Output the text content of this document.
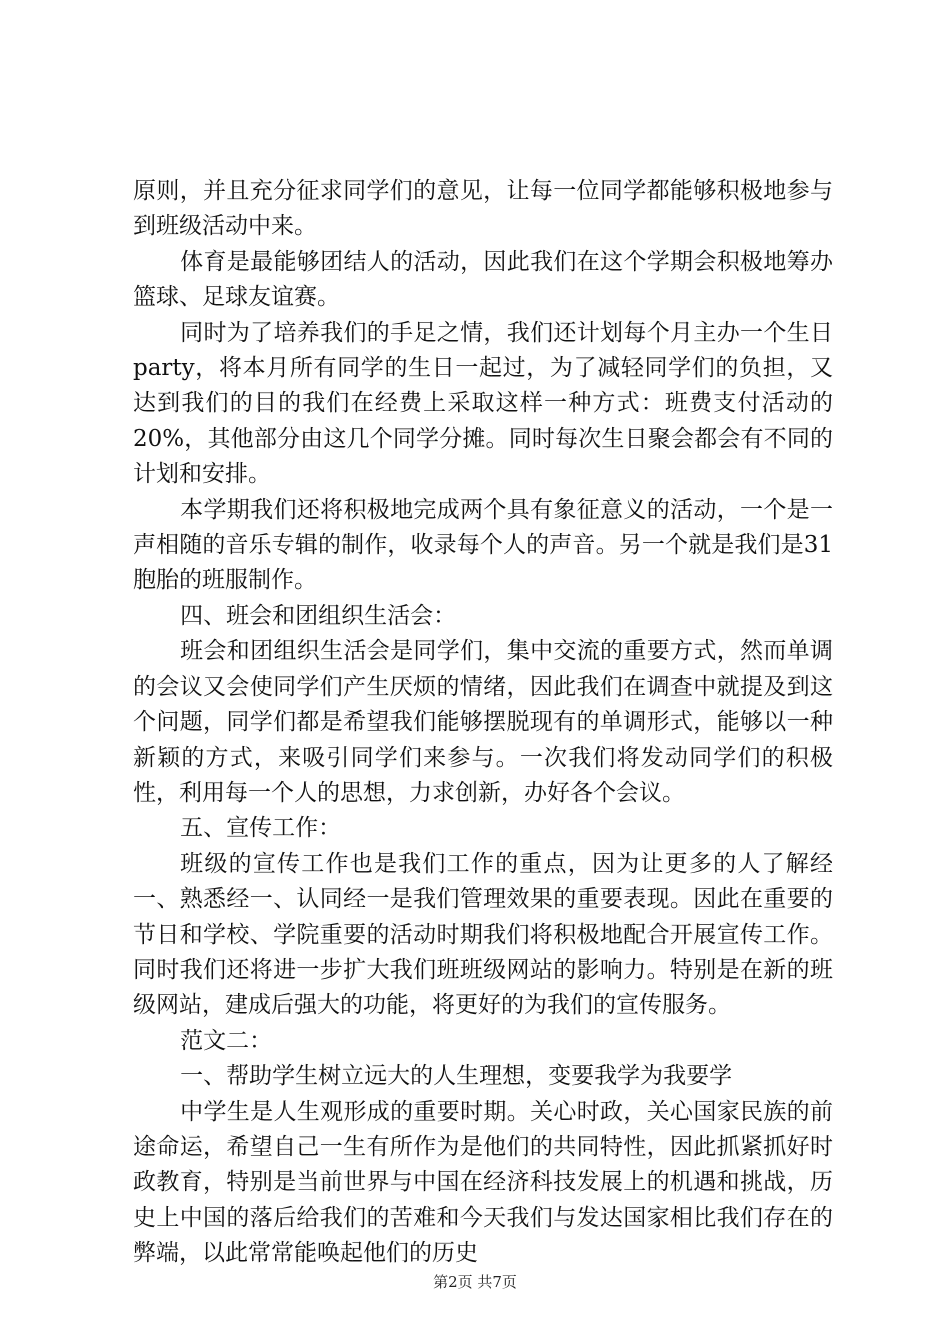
原则，并且充分征求同学们的意见，让每一位同学都能够积极地参与到班级活动中来。

体育是最能够团结人的活动，因此我们在这个学期会积极地筹办篮球、足球友谊赛。

同时为了培养我们的手足之情，我们还计划每个月主办一个生日party，将本月所有同学的生日一起过，为了减轻同学们的负担，又达到我们的目的我们在经费上采取这样一种方式：班费支付活动的20%，其他部分由这几个同学分摊。同时每次生日聚会都会有不同的计划和安排。

本学期我们还将积极地完成两个具有象征意义的活动，一个是一声相随的音乐专辑的制作，收录每个人的声音。另一个就是我们是31胞胎的班服制作。

四、班会和团组织生活会：

班会和团组织生活会是同学们，集中交流的重要方式，然而单调的会议又会使同学们产生厌烦的情绪，因此我们在调查中就提及到这个问题，同学们都是希望我们能够摆脱现有的单调形式，能够以一种新颖的方式，来吸引同学们来参与。一次我们将发动同学们的积极性，利用每一个人的思想，力求创新，办好各个会议。

五、宣传工作：

班级的宣传工作也是我们工作的重点，因为让更多的人了解经一、熟悉经一、认同经一是我们管理效果的重要表现。因此在重要的节日和学校、学院重要的活动时期我们将积极地配合开展宣传工作。同时我们还将进一步扩大我们班班级网站的影响力。特别是在新的班级网站，建成后强大的功能，将更好的为我们的宣传服务。

范文二：

一、帮助学生树立远大的人生理想，变要我学为我要学

中学生是人生观形成的重要时期。关心时政，关心国家民族的前途命运，希望自己一生有所作为是他们的共同特性，因此抓紧抓好时政教育，特别是当前世界与中国在经济科技发展上的机遇和挑战，历史上中国的落后给我们的苦难和今天我们与发达国家相比我们存在的弊端，以此常常能唤起他们的历史

第2页 共7页
